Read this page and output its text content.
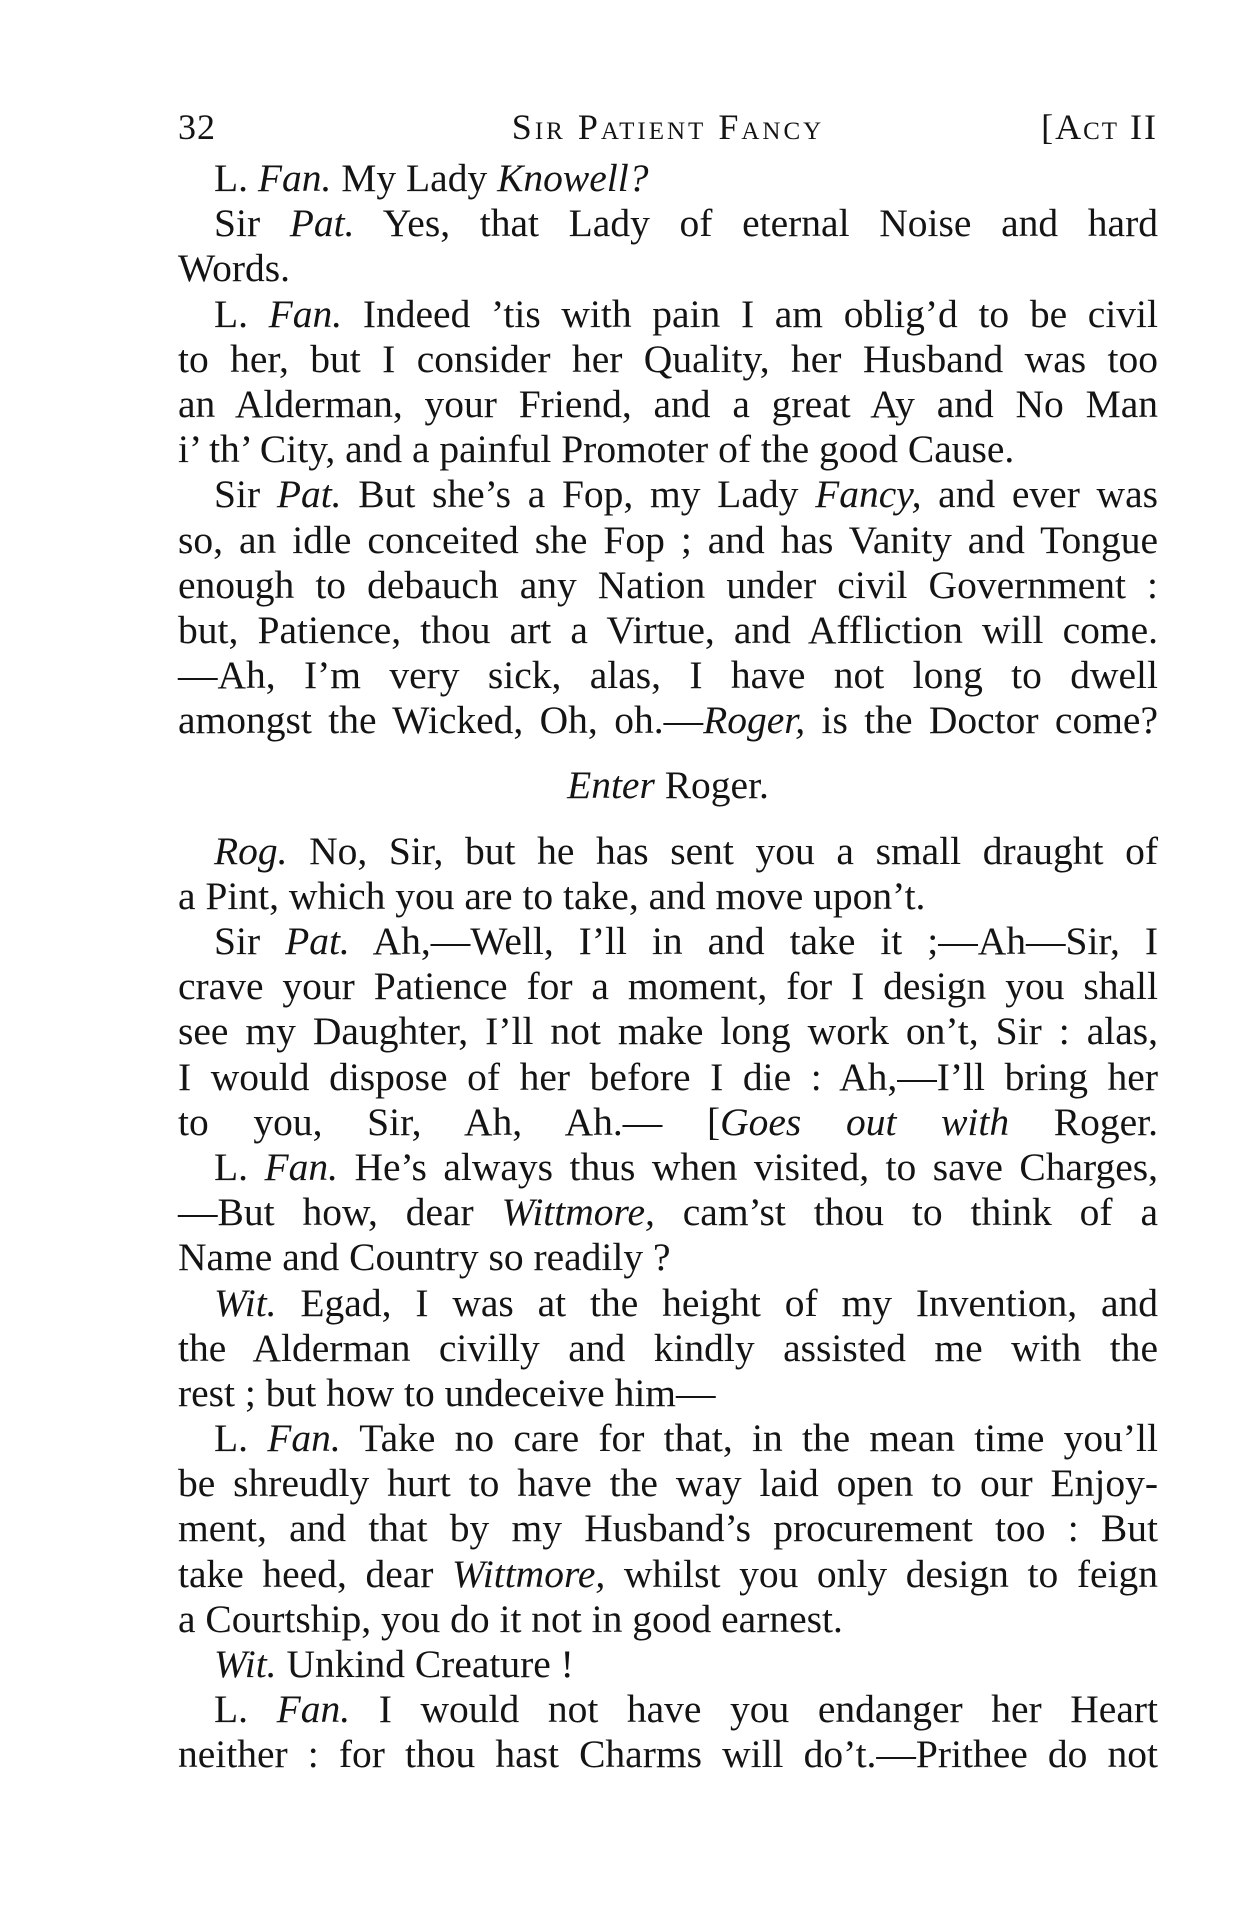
32	Sir Patient Fancy	[Act II
L. Fan. My Lady Knowell?
Sir Pat. Yes, that Lady of eternal Noise and hard
Words.
L. Fan. Indeed ’tis with pain I am oblig’d to be civil
to her, but I consider her Quality, her Husband was too
an Alderman, your Friend, and a great Ay and No Man
i’ th’ City, and a painful Promoter of the good Cause.
Sir Pat. But she’s a Fop, my Lady Fancy, and ever was
so, an idle conceited she Fop ; and has Vanity and Tongue
enough to debauch any Nation under civil Government :
but, Patience, thou art a Virtue, and Affliction will come.
—Ah, I’m very sick, alas, I have not long to dwell
amongst the Wicked, Oh, oh.—Roger, is the Doctor come?
Enter Roger.
Rog. No, Sir, but he has sent you a small draught of
a Pint, which you are to take, and move upon’t.
Sir Pat. Ah,—Well, I’ll in and take it ;—Ah—Sir, I
crave your Patience for a moment, for I design you shall
see my Daughter, I’ll not make long work on’t, Sir : alas,
I would dispose of her before I die : Ah,—I’ll bring her
to you, Sir, Ah, Ah.— [Goes out with Roger.
L. Fan. He’s always thus when visited, to save Charges,
—But how, dear Wittmore, cam’st thou to think of a
Name and Country so readily ?
Wit. Egad, I was at the height of my Invention, and
the Alderman civilly and kindly assisted me with the
rest ; but how to undeceive him—
L. Fan. Take no care for that, in the mean time you’ll
be shreudly hurt to have the way laid open to our Enjoy-
ment, and that by my Husband’s procurement too : But
take heed, dear Wittmore, whilst you only design to feign
a Courtship, you do it not in good earnest.
Wit. Unkind Creature !
L. Fan. I would not have you endanger her Heart
neither : for thou hast Charms will do’t.—Prithee do not
